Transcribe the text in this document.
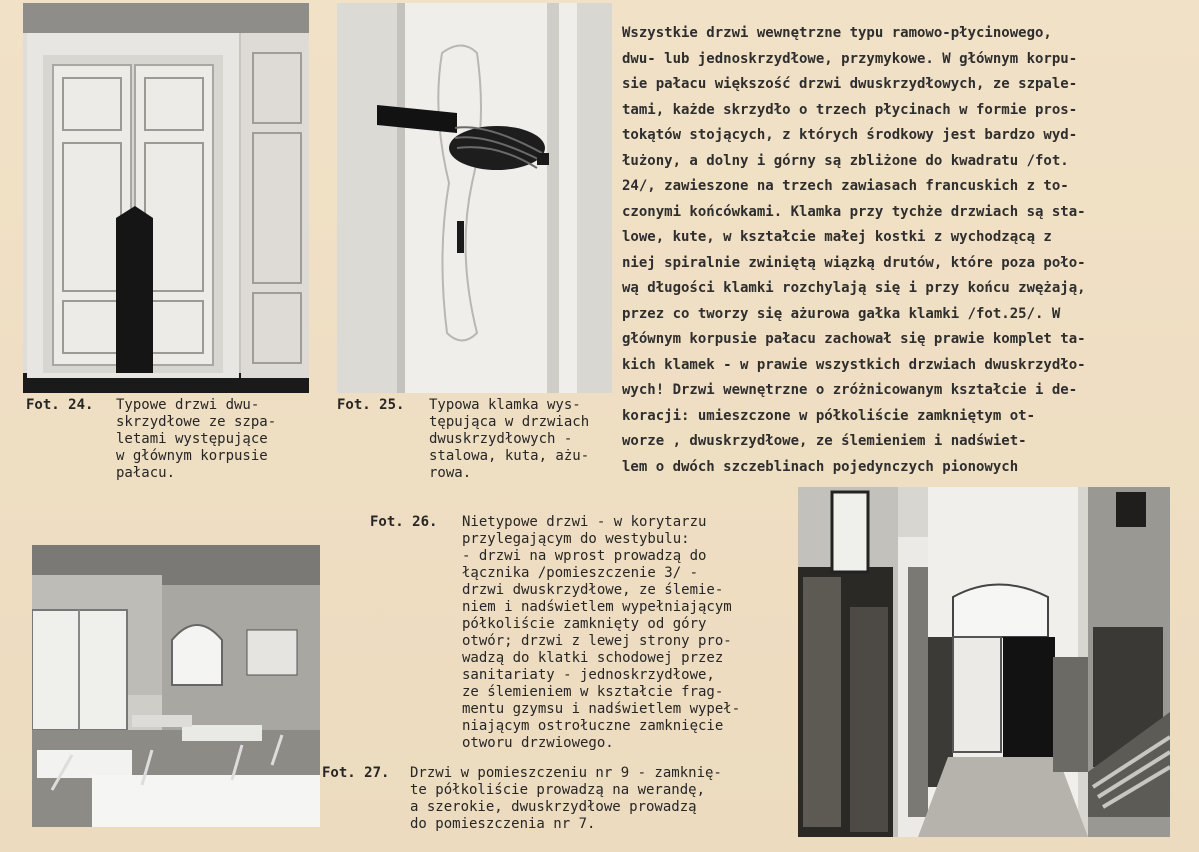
Fot. 24. Typowe drzwi dwu-
skrzydłowe ze szpa-
letami występujące
w głównym korpusie
pałacu.
Fot. 25. Typowa klamka wys-
tępująca w drzwiach
dwuskrzydłowych -
stalowa, kuta, ażu-
rowa.
Fot. 26. Nietypowe drzwi - w korytarzu
przylegającym do westybulu:
- drzwi na wprost prowadzą do
łącznika /pomieszczenie 3/ -
drzwi dwuskrzydłowe, ze ślemie-
niem i nadświetlem wypełniającym
półkoliście zamknięty od góry
otwór; drzwi z lewej strony pro-
wadzą do klatki schodowej przez
sanitariaty - jednoskrzydłowe,
ze ślemieniem w kształcie frag-
mentu gzymsu i nadświetlem wypeł-
niającym ostrołuczne zamknięcie
otworu drzwiowego.
Fot. 27. Drzwi w pomieszczeniu nr 9 - zamknię-
te półkoliście prowadzą na werandę,
a szerokie, dwuskrzydłowe prowadzą
do pomieszczenia nr 7.
Wszystkie drzwi wewnętrzne typu ramowo-płycinowego,
dwu- lub jednoskrzydłowe, przymykowe. W głównym korpu-
sie pałacu większość drzwi dwuskrzydłowych, ze szpale-
tami, każde skrzydło o trzech płycinach w formie pros-
tokątów stojących, z których środkowy jest bardzo wyd-
łużony, a dolny i górny są zbliżone do kwadratu /fot.
24/, zawieszone na trzech zawiasach francuskich z to-
czonymi końcówkami. Klamka przy tychże drzwiach są sta-
lowe, kute, w kształcie małej kostki z wychodzącą z
niej spiralnie zwiniętą wiązką drutów, które poza poło-
wą długości klamki rozchylają się i przy końcu zwężają,
przez co tworzy się ażurowa gałka klamki /fot.25/. W
głównym korpusie pałacu zachował się prawie komplet ta-
kich klamek - w prawie wszystkich drzwiach dwuskrzydło-
wych! Drzwi wewnętrzne o zróżnicowanym kształcie i de-
koracji: umieszczone w półkoliście zamkniętym ot-
worze , dwuskrzydłowe, ze ślemieniem i nadświet-
lem o dwóch szczeblinach pojedynczych pionowych
